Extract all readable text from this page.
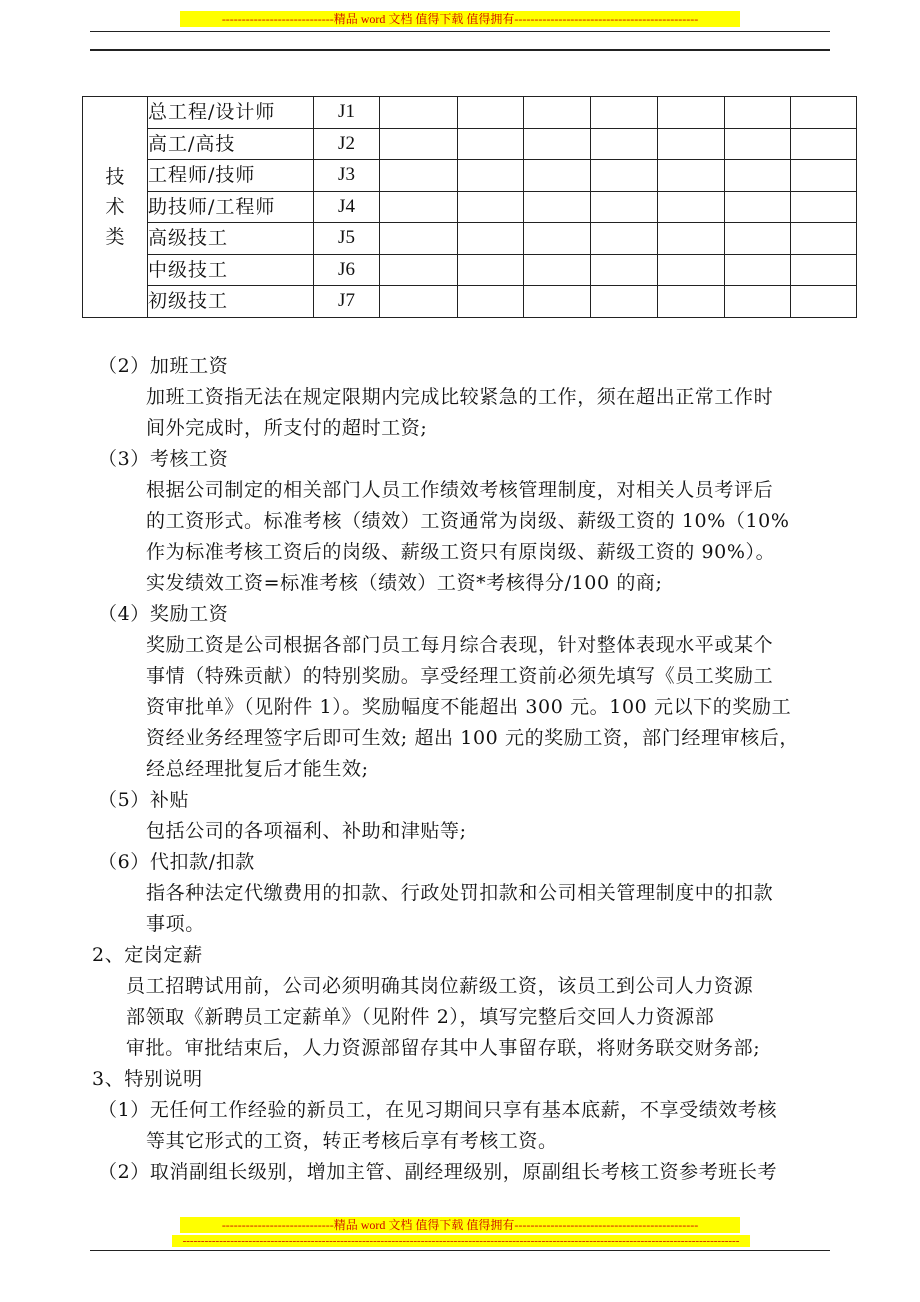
----------------------------精品 word 文档 值得下载 值得拥有----------------------------------------------
技
术
类	总工程/设计师	J1							
	高工/高技	J2							
	工程师/技师	J3							
	助技师/工程师	J4							
	高级技工	J5							
	中级技工	J6							
	初级技工	J7							
（2）加班工资
加班工资指无法在规定限期内完成比较紧急的工作，须在超出正常工作时
间外完成时，所支付的超时工资;
（3）考核工资
根据公司制定的相关部门人员工作绩效考核管理制度，对相关人员考评后
的工资形式。标准考核（绩效）工资通常为岗级、薪级工资的 10%（10%
作为标准考核工资后的岗级、薪级工资只有原岗级、薪级工资的 90%）。
实发绩效工资=标准考核（绩效）工资*考核得分/100 的商;
（4）奖励工资
奖励工资是公司根据各部门员工每月综合表现，针对整体表现水平或某个
事情（特殊贡献）的特别奖励。享受经理工资前必须先填写《员工奖励工
资审批单》（见附件 1）。奖励幅度不能超出 300 元。100 元以下的奖励工
资经业务经理签字后即可生效; 超出 100 元的奖励工资，部门经理审核后，
经总经理批复后才能生效;
（5）补贴
包括公司的各项福利、补助和津贴等;
（6）代扣款/扣款
指各种法定代缴费用的扣款、行政处罚扣款和公司相关管理制度中的扣款
事项。
2、定岗定薪
员工招聘试用前，公司必须明确其岗位薪级工资，该员工到公司人力资源
部领取《新聘员工定薪单》（见附件 2），填写完整后交回人力资源部
审批。审批结束后，人力资源部留存其中人事留存联，将财务联交财务部;
3、特别说明
（1）无任何工作经验的新员工，在见习期间只享有基本底薪，不享受绩效考核
等其它形式的工资，转正考核后享有考核工资。
（2）取消副组长级别，增加主管、副经理级别，原副组长考核工资参考班长考
----------------------------精品 word 文档 值得下载 值得拥有----------------------------------------------
--------------------------------------------------------------------------------------------------------------------------------------------------------
